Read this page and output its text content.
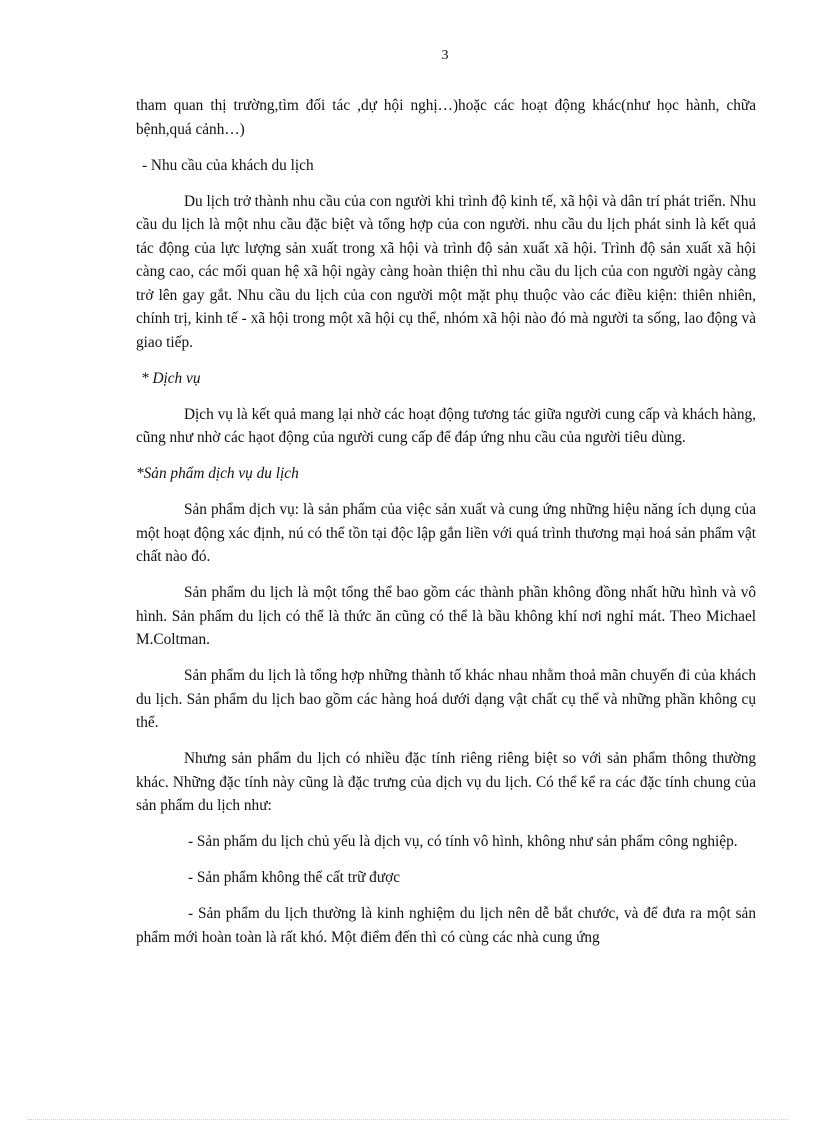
3

tham quan thị trường,tìm đối tác ,dự hội nghị…)hoặc các hoạt động khác(như học hành, chữa bệnh,quá cảnh…)

- Nhu cầu của khách du lịch

Du lịch trở thành nhu cầu của con người khi trình độ kinh tế, xã hội và dân trí phát triển. Nhu cầu du lịch là một nhu cầu đặc biệt và tổng hợp của con người. nhu cầu du lịch phát sinh là kết quả tác động của lực lượng sản xuất trong xã hội và trình độ sản xuất xã hội. Trình độ sản xuất xã hội càng cao, các mối quan hệ xã hội ngày càng hoàn thiện thì nhu cầu du lịch của con người ngày càng trở lên gay gắt. Nhu cầu du lịch của con người một mặt phụ thuộc vào các điều kiện: thiên nhiên, chính trị, kinh tế - xã hội trong một xã hội cụ thể, nhóm xã hội nào đó mà người ta sống, lao động và giao tiếp.

* Dịch vụ

Dịch vụ là kết quả mang lại nhờ các hoạt động tương tác giữa người cung cấp và khách hàng, cũng như nhờ các hạot động của người cung cấp để đáp ứng nhu cầu của người tiêu dùng.

*Sản phẩm dịch vụ du lịch

Sản phẩm dịch vụ: là sản phẩm của việc sản xuất và cung ứng những hiệu năng ích dụng của một hoạt động xác định, nú có thể tồn tại độc lập gắn liền với quá trình thương mại hoá sản phẩm vật chất nào đó.

Sản phẩm du lịch là một tổng thể bao gồm các thành phần không đồng nhất hữu hình và vô hình. Sản phẩm du lịch có thể là thức ăn cũng có thể là bầu không khí nơi nghỉ mát. Theo Michael M.Coltman.

Sản phẩm du lịch là tổng hợp những thành tố khác nhau nhằm thoả mãn chuyến đi của khách du lịch. Sản phẩm du lịch bao gồm các hàng hoá dưới dạng vật chất cụ thể và những phần không cụ thể.

Nhưng sản phẩm du lịch có nhiều đặc tính riêng riêng biệt so với sản phẩm thông thường khác. Những đặc tính này cũng là đặc trưng của dịch vụ du lịch. Có thể kể ra các đặc tính chung của sản phẩm du lịch như:

- Sản phẩm du lịch chủ yếu là dịch vụ, có tính vô hình, không như sản phẩm công nghiệp.

- Sản phẩm không thể cất trữ được

- Sản phẩm du lịch thường là kinh nghiệm du lịch nên dễ bắt chước, và để đưa ra một sản phẩm mới hoàn toàn là rất khó. Một điểm đến thì có cùng các nhà cung ứng
